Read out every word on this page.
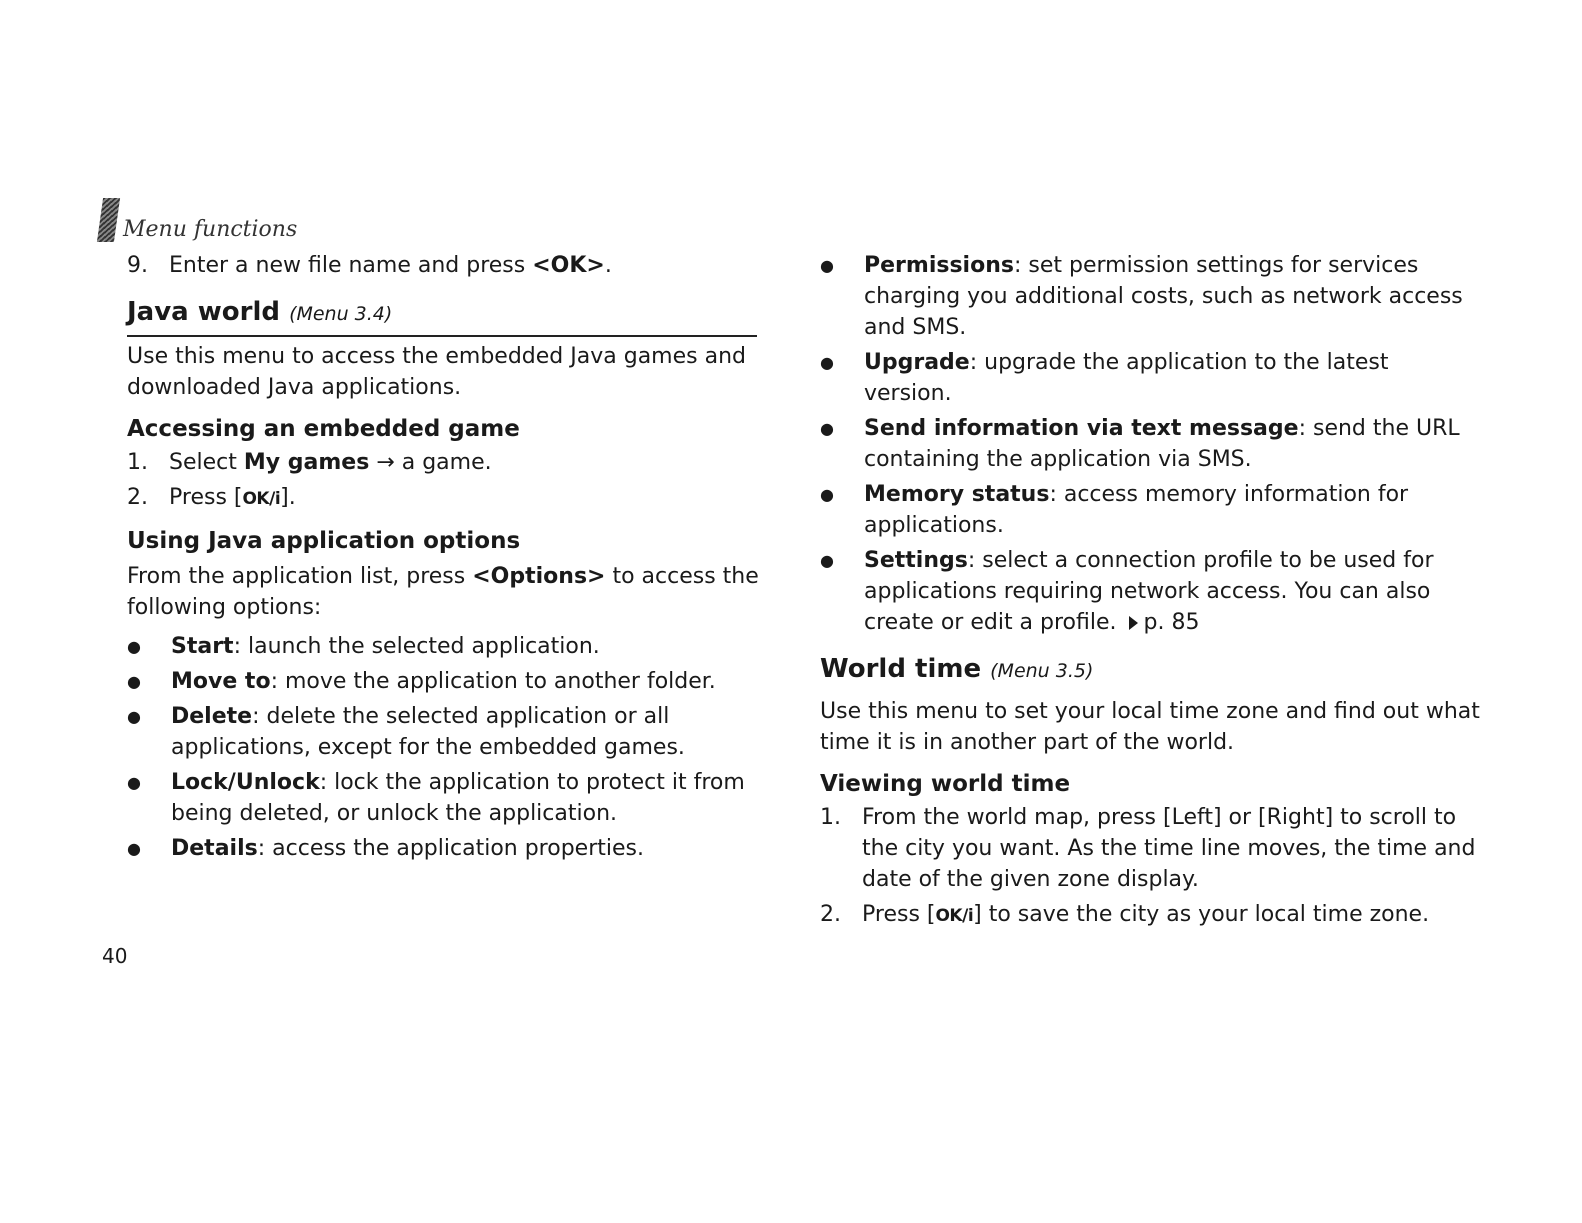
Menu functions
9. Enter a new file name and press <OK>.
Java world (Menu 3.4)
Use this menu to access the embedded Java games and downloaded Java applications.
Accessing an embedded game
1. Select My games → a game.
2. Press [OK/i].
Using Java application options
From the application list, press <Options> to access the following options:
●	Start: launch the selected application.
●	Move to: move the application to another folder.
●	Delete: delete the selected application or all applications, except for the embedded games.
●	Lock/Unlock: lock the application to protect it from being deleted, or unlock the application.
●	Details: access the application properties.
●	Permissions: set permission settings for services charging you additional costs, such as network access and SMS.
●	Upgrade: upgrade the application to the latest version.
●	Send information via text message: send the URL containing the application via SMS.
●	Memory status: access memory information for applications.
●	Settings: select a connection profile to be used for applications requiring network access. You can also create or edit a profile. p. 85
World time (Menu 3.5)
Use this menu to set your local time zone and find out what time it is in another part of the world.
Viewing world time
1. From the world map, press [Left] or [Right] to scroll to the city you want. As the time line moves, the time and date of the given zone display.
2. Press [OK/i] to save the city as your local time zone.
40
